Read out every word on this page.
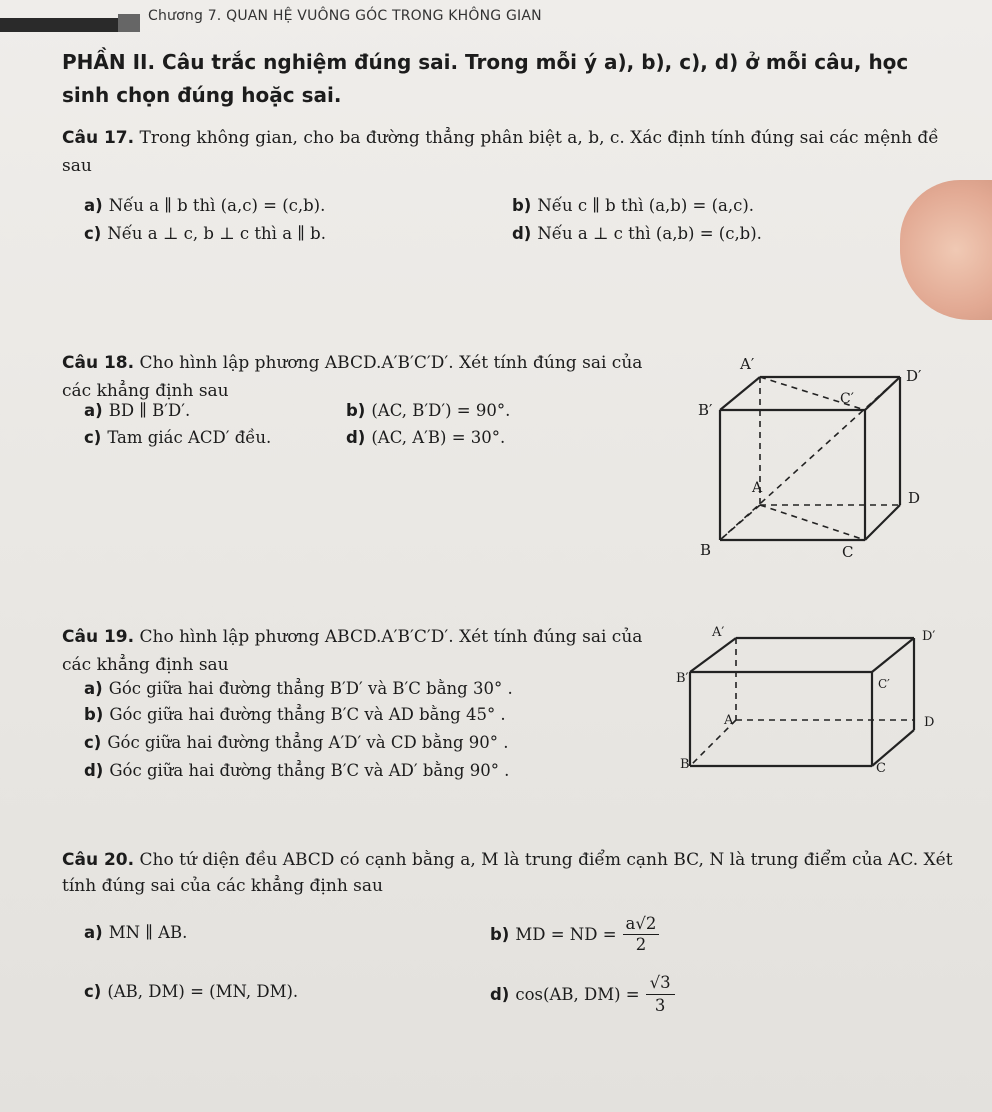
Chương 7. QUAN HỆ VUÔNG GÓC TRONG KHÔNG GIAN
PHẦN II. Câu trắc nghiệm đúng sai. Trong mỗi ý a), b), c), d) ở mỗi câu, học sinh chọn đúng hoặc sai.
Câu 17. Trong không gian, cho ba đường thẳng phân biệt a, b, c. Xác định tính đúng sai các mệnh đề sau
a) Nếu a ∥ b thì (a,c) = (c,b).	b) Nếu c ∥ b thì (a,b) = (a,c).
c) Nếu a ⊥ c, b ⊥ c thì a ∥ b.	d) Nếu a ⊥ c thì (a,b) = (c,b).
Câu 18. Cho hình lập phương ABCD.A′B′C′D′. Xét tính đúng sai của các khẳng định sau
a) BD ∥ B′D′.	b) (AC, B′D′) = 90°.
c) Tam giác ACD′ đều.	d) (AC, A′B) = 30°.
A′
D′
C′
B′
A
D
B	C
Câu 19. Cho hình lập phương ABCD.A′B′C′D′. Xét tính đúng sai của các khẳng định sau
a) Góc giữa hai đường thẳng B′D′ và B′C bằng 30° .
b) Góc giữa hai đường thẳng B′C và AD bằng 45° .
c) Góc giữa hai đường thẳng A′D′ và CD bằng 90° .
d) Góc giữa hai đường thẳng B′C và AD′ bằng 90° .
A′	D′
B′	C′
A	D
B	C
Câu 20. Cho tứ diện đều ABCD có cạnh bằng a, M là trung điểm cạnh BC, N là trung điểm của AC. Xét tính đúng sai của các khẳng định sau
a) MN ∥ AB.	b) MD = ND = $\frac{a√2}{2}$
c) (AB, DM) = (MN, DM).	d) cos(AB, $DM) = \frac{√3}{3}$
